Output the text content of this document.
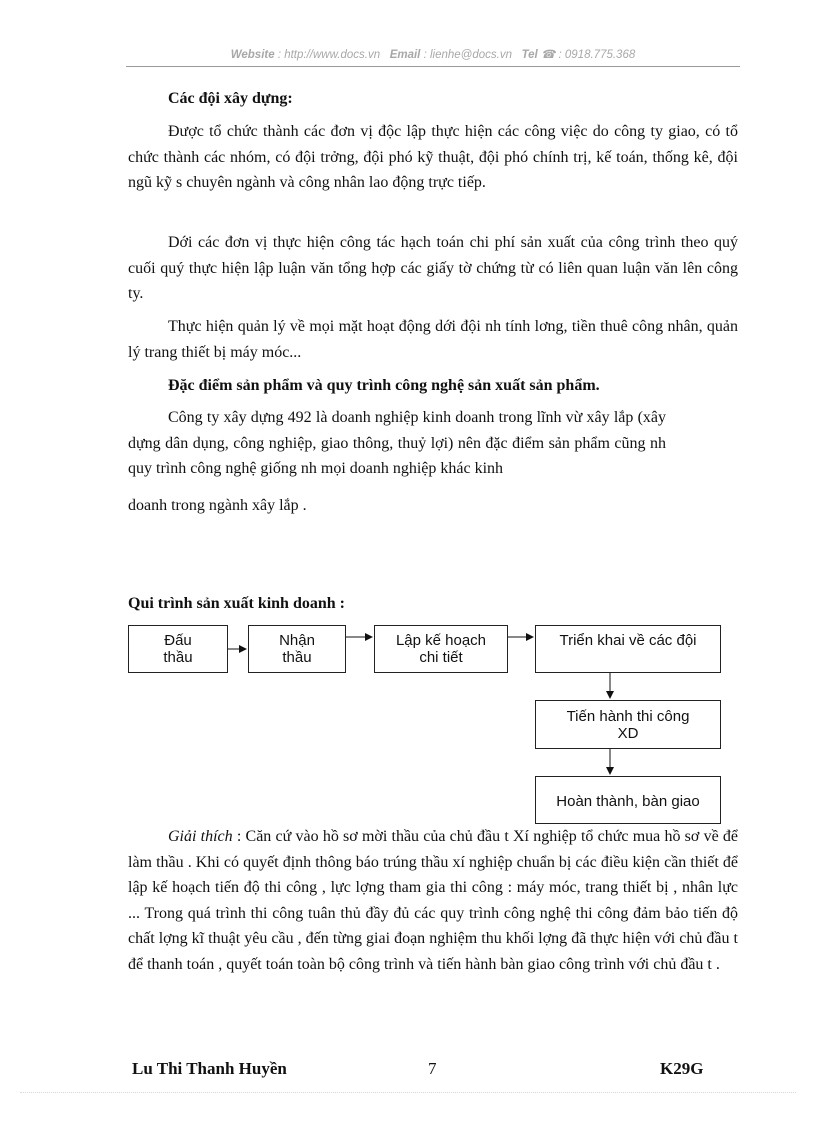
Website : http://www.docs.vn Email : lienhe@docs.vn Tel ☎ : 0918.775.368
Các đội xây dựng:
Được tổ chức thành các đơn vị độc lập thực hiện các công việc do công ty giao, có tổ chức thành các nhóm, có đội trởng, đội phó kỹ thuật, đội phó chính trị, kế toán, thống kê, đội ngũ kỹ s chuyên ngành và công nhân lao động trực tiếp.
Dới các đơn vị thực hiện công tác hạch toán chi phí sản xuất của công trình theo quý cuối quý thực hiện lập luận văn tổng hợp các giấy tờ chứng từ có liên quan luận văn lên công ty.
Thực hiện quản lý về mọi mặt hoạt động dới đội nh tính lơng, tiền thuê công nhân, quản lý trang thiết bị máy móc...
Đặc điểm sản phẩm và quy trình công nghệ sản xuất sản phẩm.
Công ty xây dựng 492 là doanh nghiệp kinh doanh trong lĩnh vừ xây lắp (xây dựng dân dụng, công nghiệp, giao thông, thuỷ lợi) nên đặc điểm sản phẩm cũng nh quy trình công nghệ giống nh mọi doanh nghiệp khác kinh
doanh trong ngành xây lắp .
Qui trình sản xuất kinh doanh :
Đấu
thầu
Nhận
thầu
Lập kế hoạch
chi tiết
Triển khai về các đội
Tiến hành thi công
XD
Hoàn thành, bàn giao
Giải thích : Căn cứ vào hồ sơ mời thầu của chủ đầu t Xí nghiệp tổ chức mua hồ sơ về để làm thầu . Khi có quyết định thông báo trúng thầu xí nghiệp chuẩn bị các điều kiện cần thiết để lập kế hoạch tiến độ thi công , lực lợng tham gia thi công : máy móc, trang thiết bị , nhân lực ... Trong quá trình thi công tuân thủ đầy đủ các quy trình công nghệ thi công đảm bảo tiến độ chất lợng kĩ thuật yêu cầu , đến từng giai đoạn nghiệm thu khối lợng đã thực hiện với chủ đầu t để thanh toán , quyết toán toàn bộ công trình và tiến hành bàn giao công trình với chủ đầu t .
Lu Thi Thanh Huyền	7	K29G
